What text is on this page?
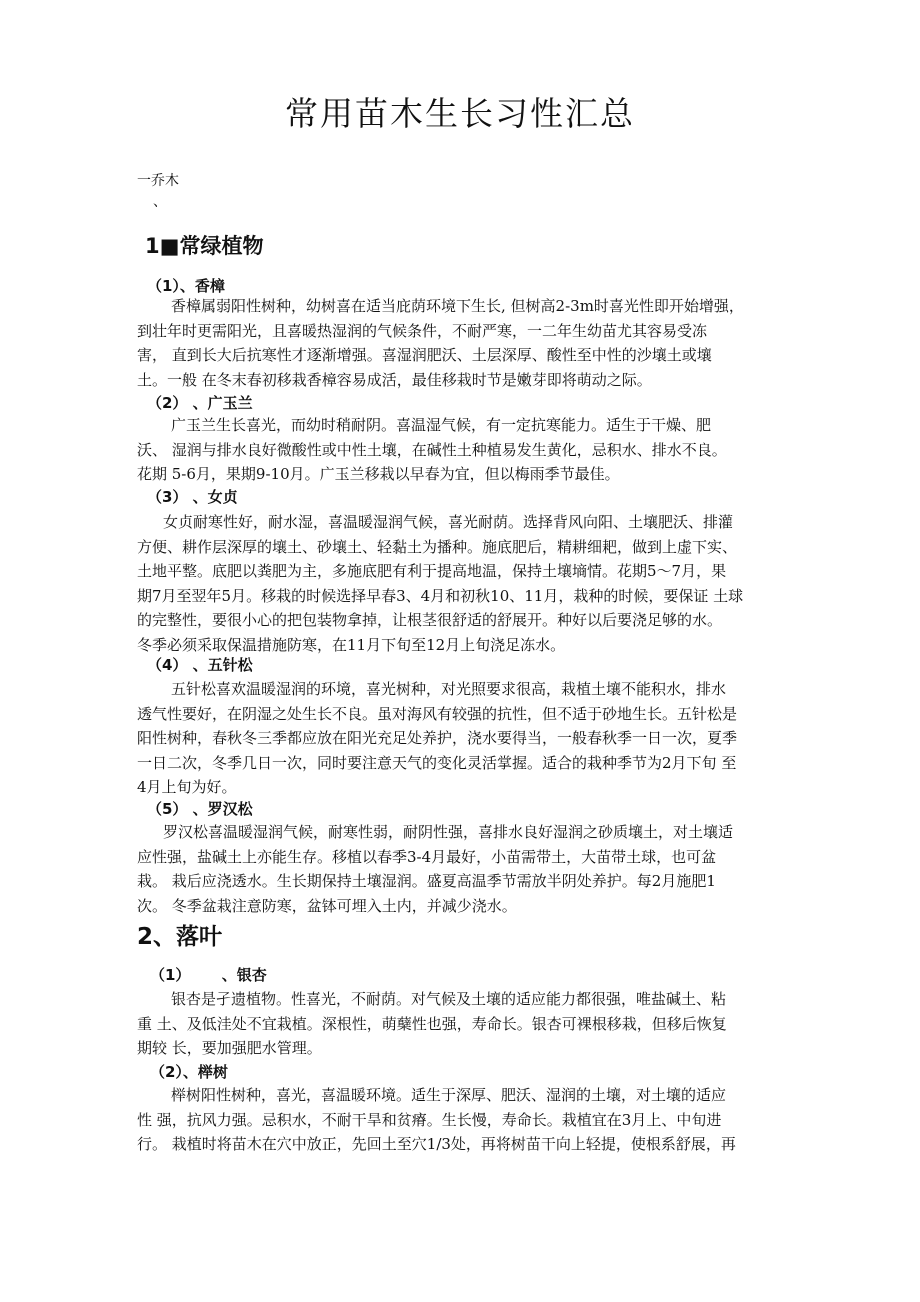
常用苗木生长习性汇总
一乔木
、
1■常绿植物
（1）、香樟
香樟属弱阳性树种，幼树喜在适当庇荫环境下生长, 但树高2-3m时喜光性即开始增强，
到壮年时更需阳光，且喜暖热湿润的气候条件，不耐严寒，一二年生幼苗尤其容易受冻
害， 直到长大后抗寒性才逐渐增强。喜湿润肥沃、土层深厚、酸性至中性的沙壤土或壤
土。一般 在冬末春初移栽香樟容易成活，最佳移栽时节是嫩芽即将萌动之际。
（2） 、广玉兰
广玉兰生长喜光，而幼时稍耐阴。喜温湿气候，有一定抗寒能力。适生于干燥、肥
沃、 湿润与排水良好微酸性或中性土壤，在碱性土种植易发生黄化，忌积水、排水不良。
花期 5-6月，果期9-10月。广玉兰移栽以早春为宜，但以梅雨季节最佳。
（3） 、女贞
女贞耐寒性好，耐水湿，喜温暖湿润气候，喜光耐荫。选择背风向阳、土壤肥沃、排灌
方便、耕作层深厚的壤土、砂壤土、轻黏土为播种。施底肥后，精耕细耙，做到上虚下实、
土地平整。底肥以粪肥为主，多施底肥有利于提高地温，保持土壤墒情。花期5〜7月，果
期7月至翌年5月。移栽的时候选择早春3、4月和初秋10、11月，栽种的时候，要保证 土球
的完整性，要很小心的把包装物拿掉，让根茎很舒适的舒展开。种好以后要浇足够的水。
冬季必须采取保温措施防寒，在11月下旬至12月上旬浇足冻水。
（4） 、五针松
五针松喜欢温暖湿润的环境，喜光树种，对光照要求很高，栽植土壤不能积水，排水
透气性要好，在阴湿之处生长不良。虽对海风有较强的抗性，但不适于砂地生长。五针松是
阳性树种，春秋冬三季都应放在阳光充足处养护，浇水要得当，一般春秋季一日一次，夏季
一日二次，冬季几日一次，同时要注意天气的变化灵活掌握。适合的栽种季节为2月下旬 至
4月上旬为好。
（5） 、罗汉松
罗汉松喜温暖湿润气候，耐寒性弱，耐阴性强，喜排水良好湿润之砂质壤土，对土壤适
应性强，盐碱土上亦能生存。移植以春季3-4月最好，小苗需带土，大苗带土球，也可盆
栽。 栽后应浇透水。生长期保持土壤湿润。盛夏高温季节需放半阴处养护。每2月施肥1
次。 冬季盆栽注意防寒，盆钵可埋入土内，并减少浇水。
2、落叶
（1）      、银杏
银杏是孑遗植物。性喜光，不耐荫。对气候及土壤的适应能力都很强，唯盐碱土、粘
重 土、及低洼处不宜栽植。深根性，萌蘖性也强，寿命长。银杏可裸根移栽，但移后恢复
期较 长，要加强肥水管理。
（2）、榉树
榉树阳性树种，喜光，喜温暖环境。适生于深厚、肥沃、湿润的土壤，对土壤的适应
性 强，抗风力强。忌积水，不耐干旱和贫瘠。生长慢，寿命长。栽植宜在3月上、中旬进
行。 栽植时将苗木在穴中放正，先回土至穴1/3处，再将树苗干向上轻提，使根系舒展，再
